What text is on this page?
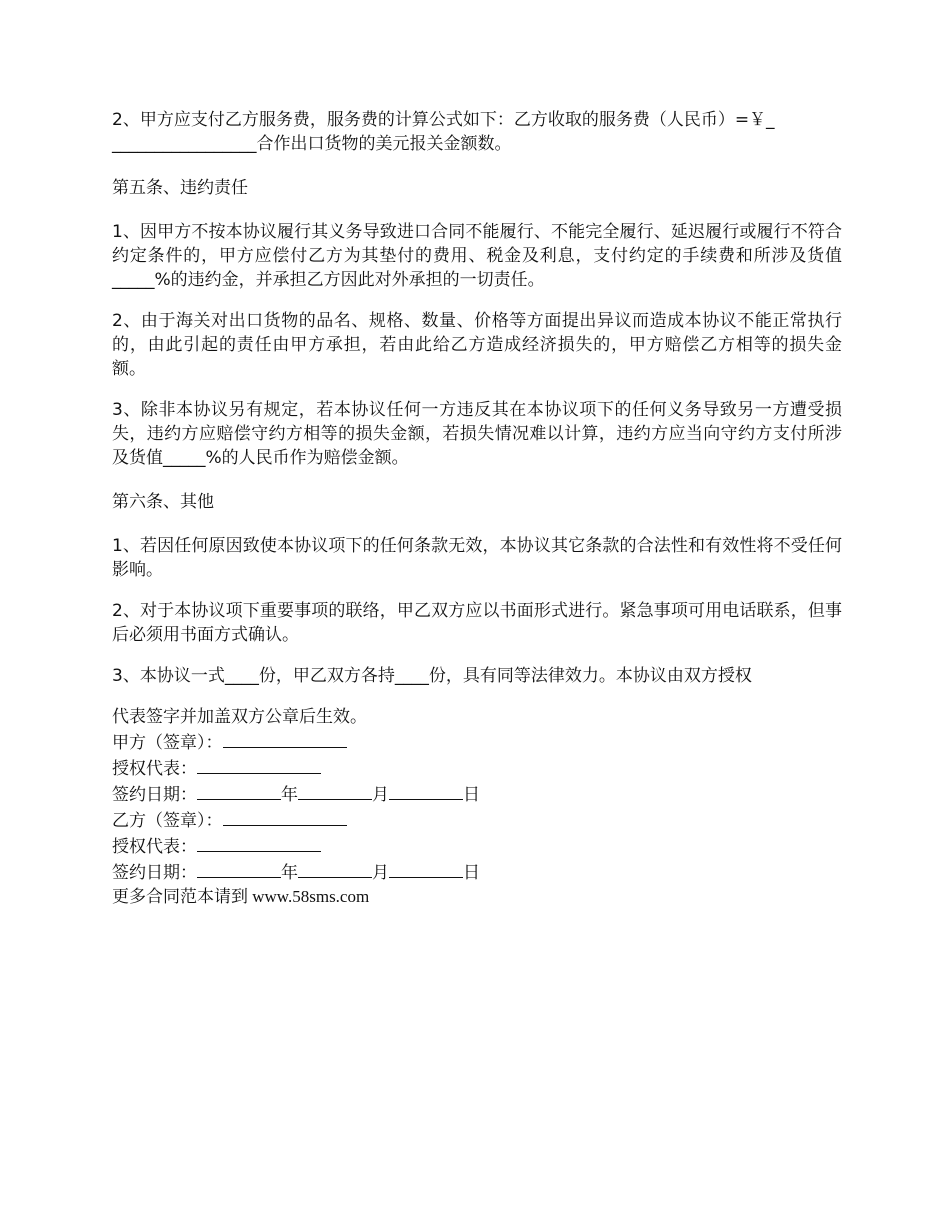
2、甲方应支付乙方服务费，服务费的计算公式如下：乙方收取的服务费（人民币）=￥_

_________________合作出口货物的美元报关金额数。

第五条、违约责任

1、因甲方不按本协议履行其义务导致进口合同不能履行、不能完全履行、延迟履行或履行不符合约定条件的，甲方应偿付乙方为其垫付的费用、税金及利息，支付约定的手续费和所涉及货值_____%的违约金，并承担乙方因此对外承担的一切责任。

2、由于海关对出口货物的品名、规格、数量、价格等方面提出异议而造成本协议不能正常执行的，由此引起的责任由甲方承担，若由此给乙方造成经济损失的，甲方赔偿乙方相等的损失金额。

3、除非本协议另有规定，若本协议任何一方违反其在本协议项下的任何义务导致另一方遭受损失，违约方应赔偿守约方相等的损失金额，若损失情况难以计算，违约方应当向守约方支付所涉及货值_____%的人民币作为赔偿金额。

第六条、其他

1、若因任何原因致使本协议项下的任何条款无效，本协议其它条款的合法性和有效性将不受任何影响。

2、对于本协议项下重要事项的联络，甲乙双方应以书面形式进行。紧急事项可用电话联系，但事后必须用书面方式确认。

3、本协议一式____份，甲乙双方各持____份，具有同等法律效力。本协议由双方授权

代表签字并加盖双方公章后生效。

甲方（签章）：

授权代表：

签约日期：	年	月	日

乙方（签章）：

授权代表：

签约日期：	年	月	日

更多合同范本请到 www.58sms.com
